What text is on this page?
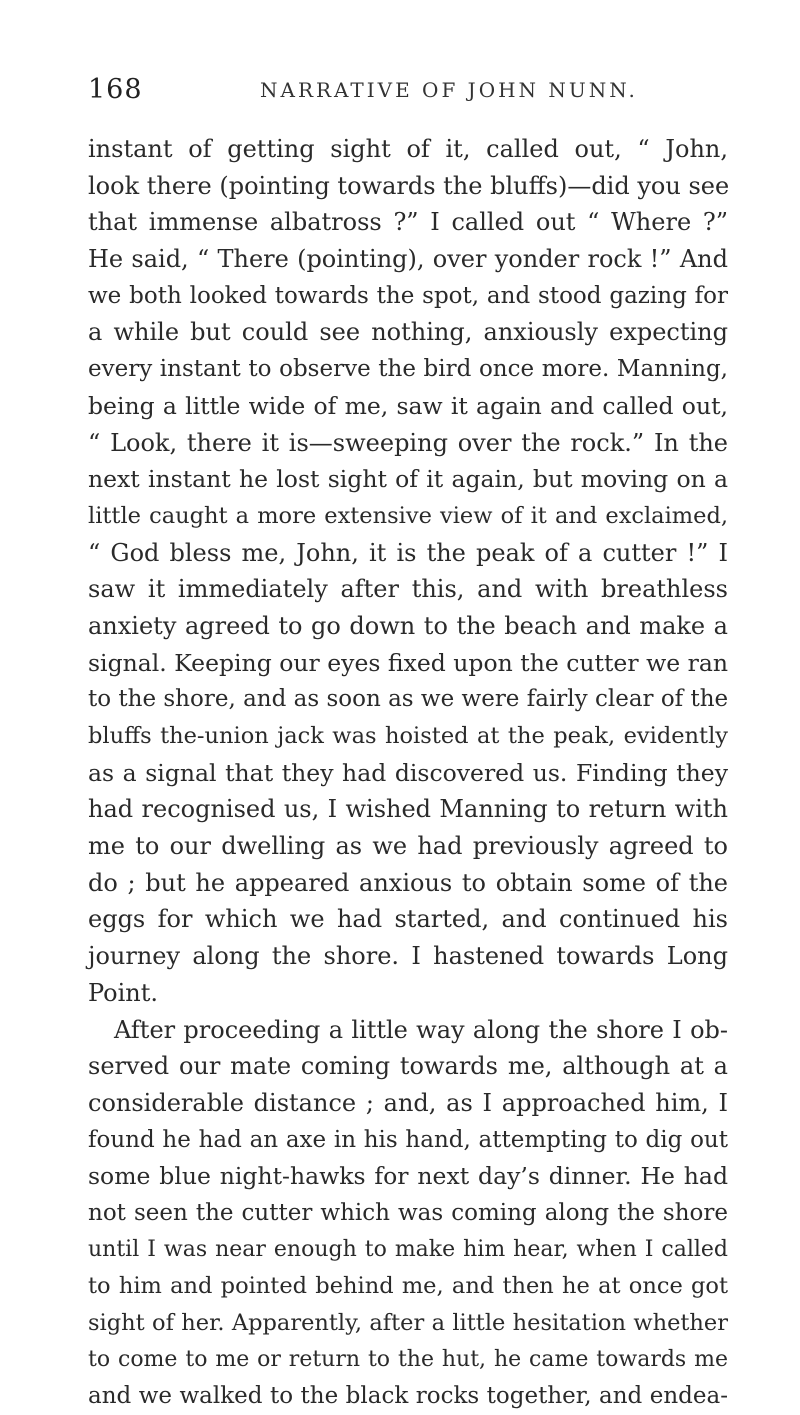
168	NARRATIVE OF JOHN NUNN.
instant of getting sight of it, called out, “ John,
look there (pointing towards the bluffs)—did you see
that immense albatross ?” I called out “ Where ?”
He said, “ There (pointing), over yonder rock !” And
we both looked towards the spot, and stood gazing for
a while but could see nothing, anxiously expecting
every instant to observe the bird once more. Manning,
being a little wide of me, saw it again and called out,
“ Look, there it is—sweeping over the rock.” In the
next instant he lost sight of it again, but moving on a
little caught a more extensive view of it and exclaimed,
“ God bless me, John, it is the peak of a cutter !” I
saw it immediately after this, and with breathless
anxiety agreed to go down to the beach and make a
signal. Keeping our eyes fixed upon the cutter we ran
to the shore, and as soon as we were fairly clear of the
bluffs the-union jack was hoisted at the peak, evidently
as a signal that they had discovered us. Finding they
had recognised us, I wished Manning to return with
me to our dwelling as we had previously agreed to
do ; but he appeared anxious to obtain some of the
eggs for which we had started, and continued his
journey along the shore. I hastened towards Long
Point.
After proceeding a little way along the shore I ob-
served our mate coming towards me, although at a
considerable distance ; and, as I approached him, I
found he had an axe in his hand, attempting to dig out
some blue night-hawks for next day’s dinner. He had
not seen the cutter which was coming along the shore
until I was near enough to make him hear, when I called
to him and pointed behind me, and then he at once got
sight of her. Apparently, after a little hesitation whether
to come to me or return to the hut, he came towards me
and we walked to the black rocks together, and endea-
